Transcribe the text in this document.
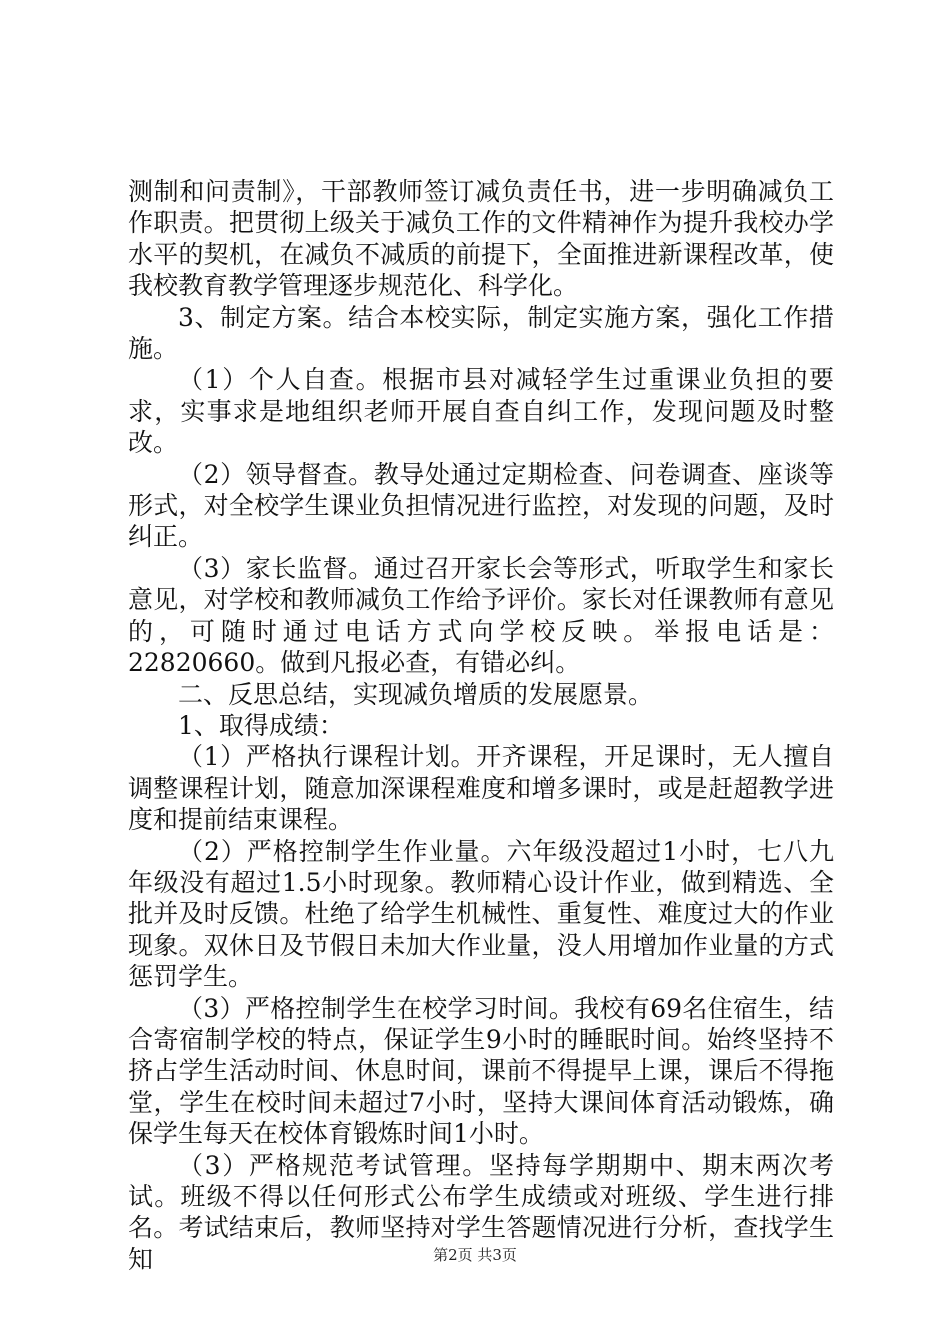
测制和问责制》，干部教师签订减负责任书，进一步明确减负工作职责。把贯彻上级关于减负工作的文件精神作为提升我校办学水平的契机，在减负不减质的前提下，全面推进新课程改革，使我校教育教学管理逐步规范化、科学化。

3、制定方案。结合本校实际，制定实施方案，强化工作措施。

（1）个人自查。根据市县对减轻学生过重课业负担的要求，实事求是地组织老师开展自查自纠工作，发现问题及时整改。

（2）领导督查。教导处通过定期检查、问卷调查、座谈等形式，对全校学生课业负担情况进行监控，对发现的问题，及时纠正。

（3）家长监督。通过召开家长会等形式，听取学生和家长意见，对学校和教师减负工作给予评价。家长对任课教师有意见的，可随时通过电话方式向学校反映。举报电话是：22820660。做到凡报必查，有错必纠。

二、反思总结，实现减负增质的发展愿景。

1、取得成绩：

（1）严格执行课程计划。开齐课程，开足课时，无人擅自调整课程计划，随意加深课程难度和增多课时，或是赶超教学进度和提前结束课程。

（2）严格控制学生作业量。六年级没超过1小时，七八九年级没有超过1.5小时现象。教师精心设计作业，做到精选、全批并及时反馈。杜绝了给学生机械性、重复性、难度过大的作业现象。双休日及节假日未加大作业量，没人用增加作业量的方式惩罚学生。

（3）严格控制学生在校学习时间。我校有69名住宿生，结合寄宿制学校的特点，保证学生9小时的睡眠时间。始终坚持不挤占学生活动时间、休息时间，课前不得提早上课，课后不得拖堂，学生在校时间未超过7小时，坚持大课间体育活动锻炼，确保学生每天在校体育锻炼时间1小时。

（3）严格规范考试管理。坚持每学期期中、期末两次考试。班级不得以任何形式公布学生成绩或对班级、学生进行排名。考试结束后，教师坚持对学生答题情况进行分析，查找学生知	第2页 共3页
